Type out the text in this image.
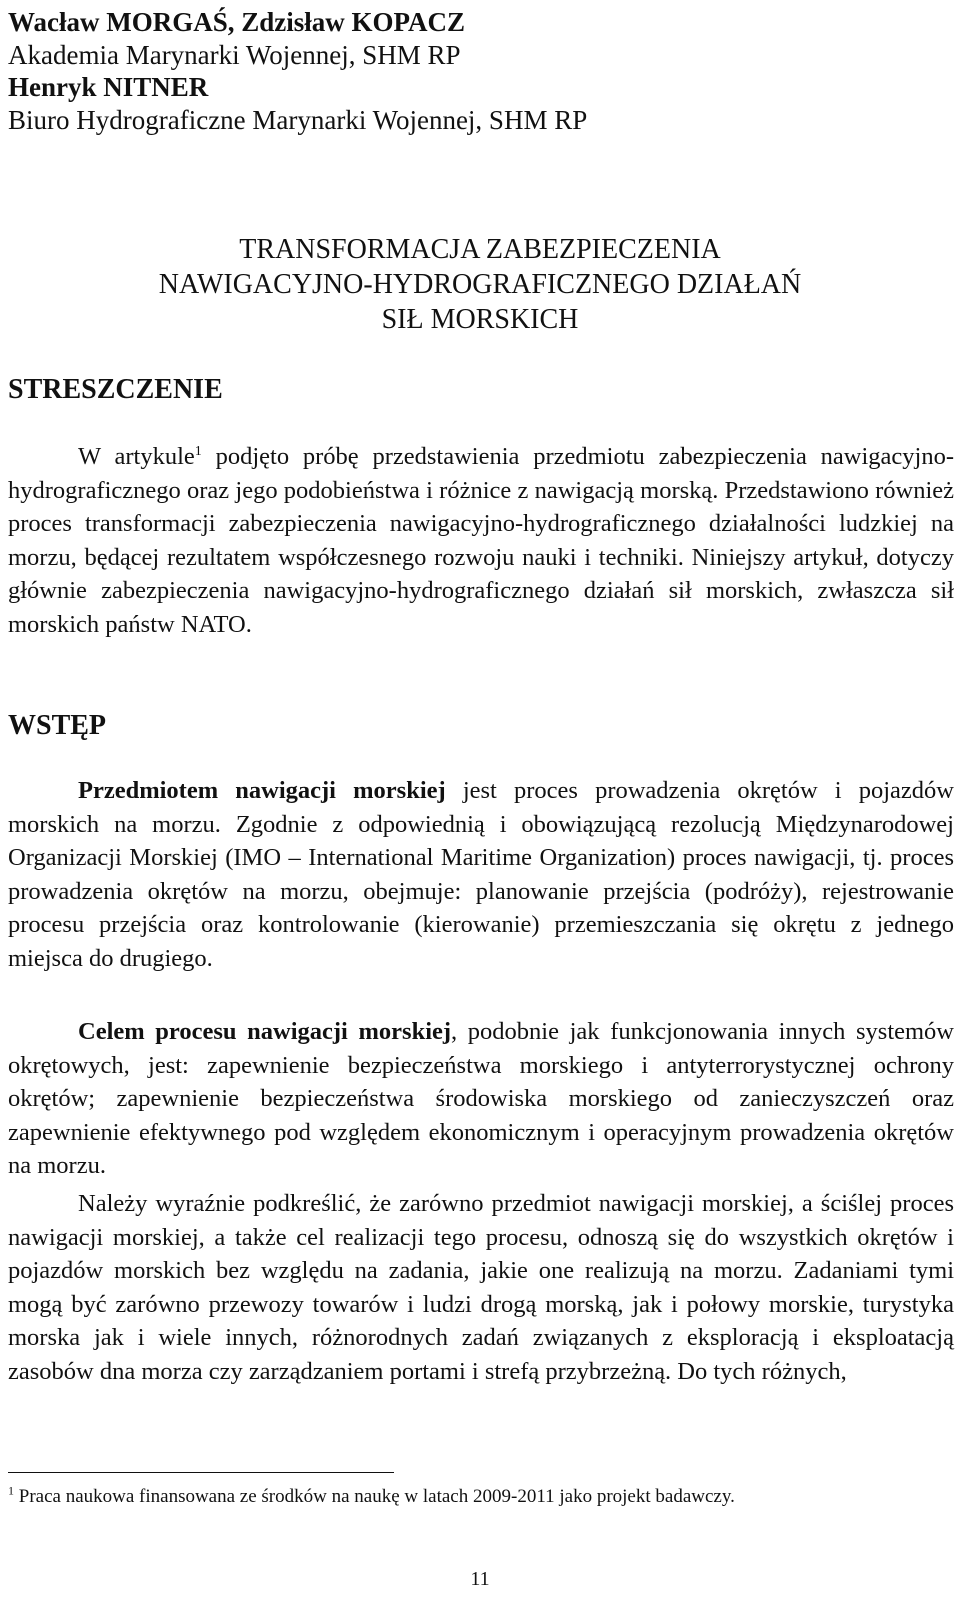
Wacław MORGAŚ, Zdzisław KOPACZ
Akademia Marynarki Wojennej, SHM RP
Henryk NITNER
Biuro Hydrograficzne Marynarki Wojennej, SHM RP
TRANSFORMACJA ZABEZPIECZENIA
NAWIGACYJNO-HYDROGRAFICZNEGO DZIAŁAŃ
SIŁ MORSKICH
STRESZCZENIE
W artykule$^1$ podjęto próbę przedstawienia przedmiotu zabezpieczenia nawigacyjno-hydrograficznego oraz jego podobieństwa i różnice z nawigacją morską. Przedstawiono również proces transformacji zabezpieczenia nawigacyjno-hydrograficznego działalności ludzkiej na morzu, będącej rezultatem współczesnego rozwoju nauki i techniki. Niniejszy artykuł, dotyczy głównie zabezpieczenia nawigacyjno-hydrograficznego działań sił morskich, zwłaszcza sił morskich państw NATO.
WSTĘP
Przedmiotem nawigacji morskiej jest proces prowadzenia okrętów i pojazdów morskich na morzu. Zgodnie z odpowiednią i obowiązującą rezolucją Międzynarodowej Organizacji Morskiej (IMO – International Maritime Organization) proces nawigacji, tj. proces prowadzenia okrętów na morzu, obejmuje: planowanie przejścia (podróży), rejestrowanie procesu przejścia oraz kontrolowanie (kierowanie) przemieszczania się okrętu z jednego miejsca do drugiego.
Celem procesu nawigacji morskiej, podobnie jak funkcjonowania innych systemów okrętowych, jest: zapewnienie bezpieczeństwa morskiego i antyterrorystycznej ochrony okrętów; zapewnienie bezpieczeństwa środowiska morskiego od zanieczyszczeń oraz zapewnienie efektywnego pod względem ekonomicznym i operacyjnym prowadzenia okrętów na morzu.
Należy wyraźnie podkreślić, że zarówno przedmiot nawigacji morskiej, a ściślej proces nawigacji morskiej, a także cel realizacji tego procesu, odnoszą się do wszystkich okrętów i pojazdów morskich bez względu na zadania, jakie one realizują na morzu. Zadaniami tymi mogą być zarówno przewozy towarów i ludzi drogą morską, jak i połowy morskie, turystyka morska jak i wiele innych, różnorodnych zadań związanych z eksploracją i eksploatacją zasobów dna morza czy zarządzaniem portami i strefą przybrzeżną. Do tych różnych,
$^1$ Praca naukowa finansowana ze środków na naukę w latach 2009-2011 jako projekt badawczy.
11
